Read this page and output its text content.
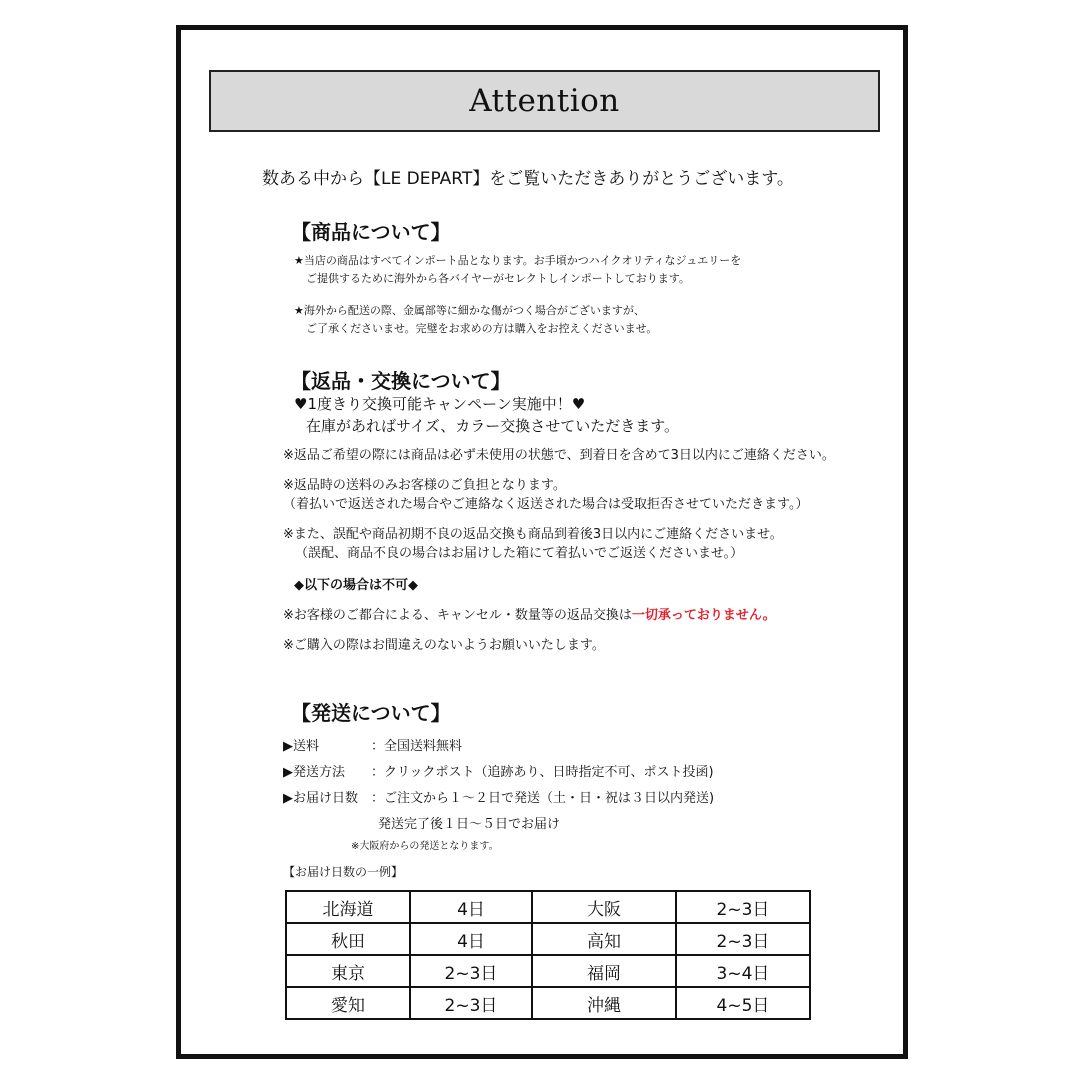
Attention
数ある中から【LE DEPART】をご覧いただきありがとうございます。
【商品について】
★当店の商品はすべてインポート品となります。お手頃かつハイクオリティなジュエリーを
ご提供するために海外から各バイヤーがセレクトしインポートしております。
★海外から配送の際、金属部等に細かな傷がつく場合がございますが、
ご了承くださいませ。完璧をお求めの方は購入をお控えくださいませ。
【返品・交換について】
♥1度きり交換可能キャンペーン実施中！♥
在庫があればサイズ、カラー交換させていただきます。
※返品ご希望の際には商品は必ず未使用の状態で、到着日を含めて3日以内にご連絡ください。
※返品時の送料のみお客様のご負担となります。
（着払いで返送された場合やご連絡なく返送された場合は受取拒否させていただきます。）
※また、誤配や商品初期不良の返品交換も商品到着後3日以内にご連絡くださいませ。
（誤配、商品不良の場合はお届けした箱にて着払いでご返送くださいませ。）
◆以下の場合は不可◆
※お客様のご都合による、キャンセル・数量等の返品交換は一切承っておりません。
※ご購入の際はお間違えのないようお願いいたします。
【発送について】
▶送料	：全国送料無料
▶発送方法 ：クリックポスト（追跡あり、日時指定不可、ポスト投函)
▶お届け日数 ：ご注文から１～２日で発送（土・日・祝は３日以内発送)
発送完了後１日～５日でお届け
※大阪府からの発送となります。
【お届け日数の一例】
北海道	4日	大阪	2~3日
秋田	4日	高知	2~3日
東京	2~3日	福岡	3~4日
愛知	2~3日	沖縄	4~5日
